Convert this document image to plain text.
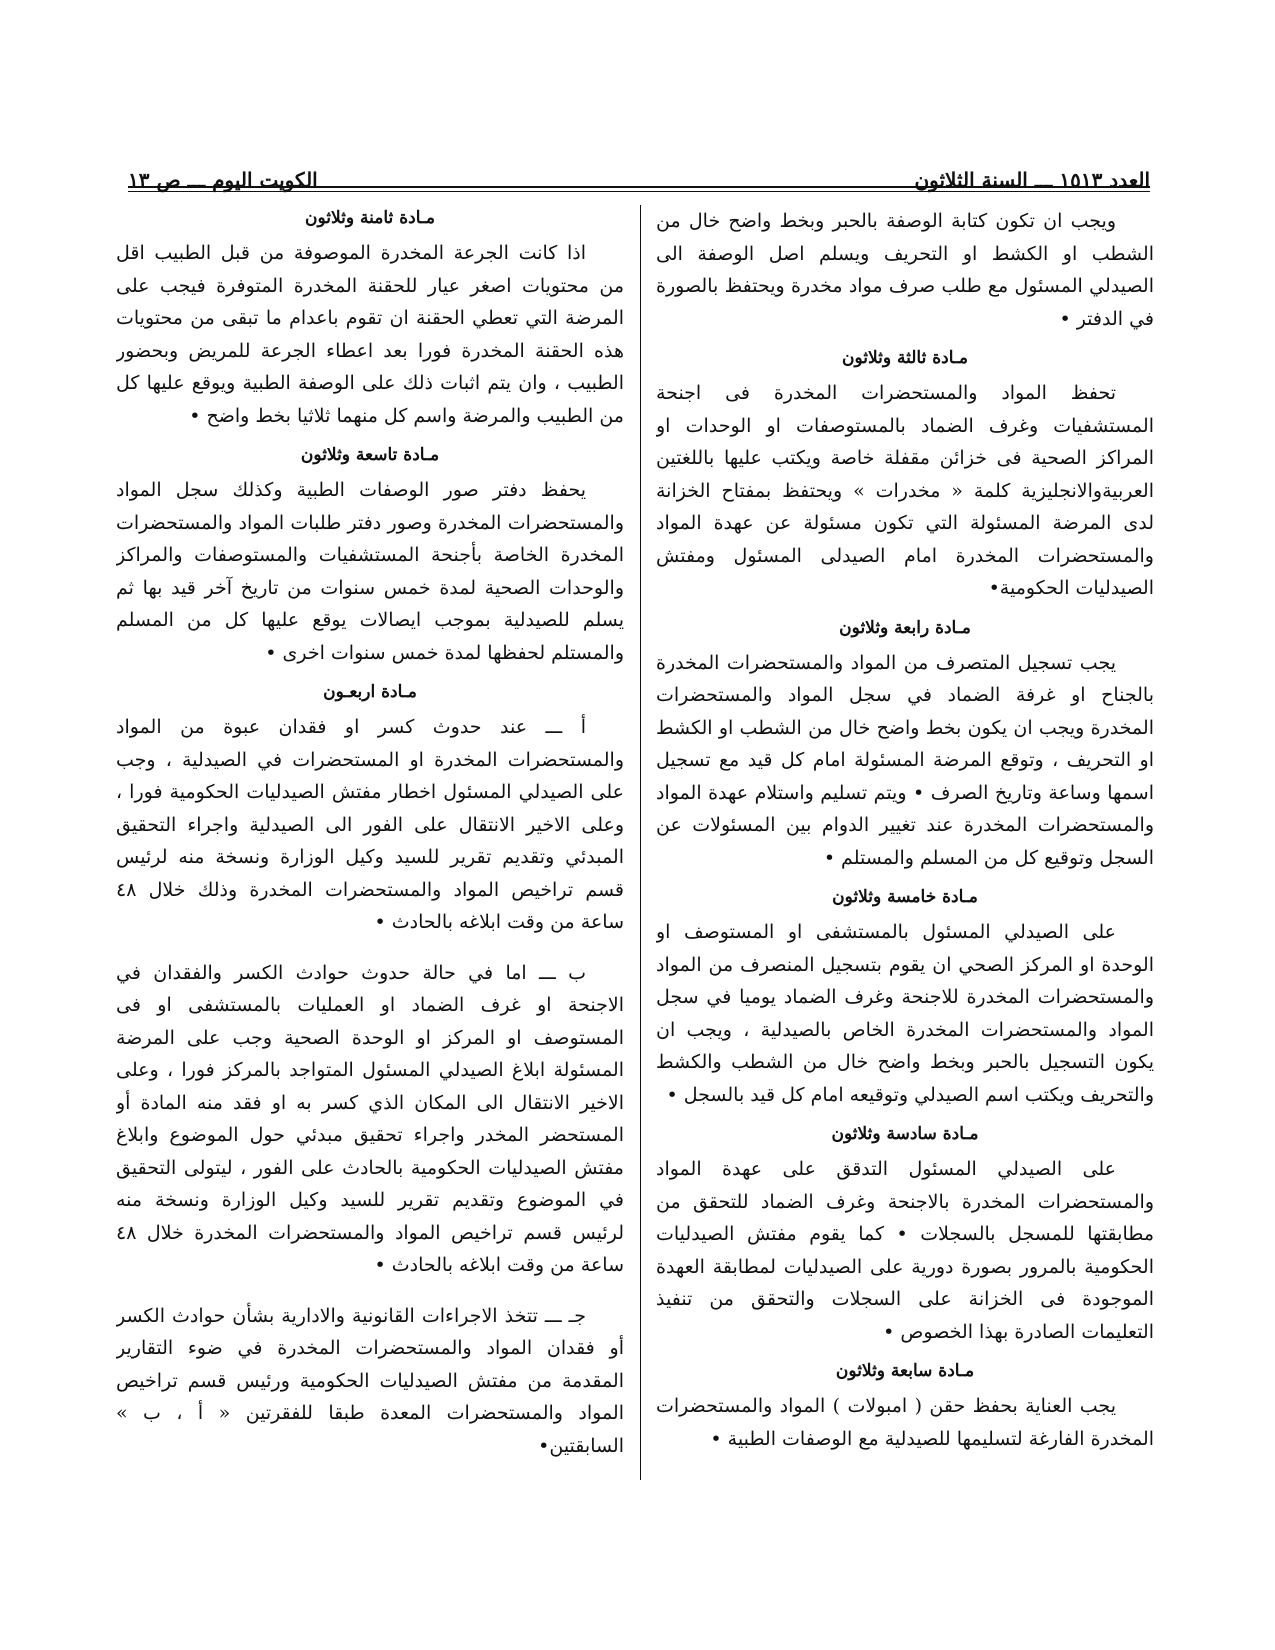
العدد ١٥١٣ ـــ السنة الثلاثون
الكويت اليوم ـــ ص ١٣

ويجب ان تكون كتابة الوصفة بالحبر وبخط واضح خال من الشطب او الكشط او التحريف ويسلم اصل الوصفة الى الصيدلي المسئول مع طلب صرف مواد مخدرة ويحتفظ بالصورة في الدفتر •

مـادة ثالثة وثلاثون

تحفظ المواد والمستحضرات المخدرة فى اجنحة المستشفيات وغرف الضماد بالمستوصفات او الوحدات او المراكز الصحية فى خزائن مقفلة خاصة ويكتب عليها باللغتين العربيةوالانجليزية كلمة « مخدرات » ويحتفظ بمفتاح الخزانة لدى المرضة المسئولة التي تكون مسئولة عن عهدة المواد والمستحضرات المخدرة امام الصيدلى المسئول ومفتش الصيدليات الحكومية•

مـادة رابعة وثلاثون

يجب تسجيل المتصرف من المواد والمستحضرات المخدرة بالجناح او غرفة الضماد في سجل المواد والمستحضرات المخدرة ويجب ان يكون بخط واضح خال من الشطب او الكشط او التحريف ، وتوقع المرضة المسئولة امام كل قيد مع تسجيل اسمها وساعة وتاريخ الصرف • ويتم تسليم واستلام عهدة المواد والمستحضرات المخدرة عند تغيير الدوام بين المسئولات عن السجل وتوقيع كل من المسلم والمستلم •

مـادة خامسة وثلاثون

على الصيدلي المسئول بالمستشفى او المستوصف او الوحدة او المركز الصحي ان يقوم بتسجيل المنصرف من المواد والمستحضرات المخدرة للاجنحة وغرف الضماد يوميا في سجل المواد والمستحضرات المخدرة الخاص بالصيدلية ، ويجب ان يكون التسجيل بالحبر وبخط واضح خال من الشطب والكشط والتحريف ويكتب اسم الصيدلي وتوقيعه امام كل قيد بالسجل •

مـادة سادسة وثلاثون

على الصيدلي المسئول التدقق على عهدة المواد والمستحضرات المخدرة بالاجنحة وغرف الضماد للتحقق من مطابقتها للمسجل بالسجلات • كما يقوم مفتش الصيدليات الحكومية بالمرور بصورة دورية على الصيدليات لمطابقة العهدة الموجودة فى الخزانة على السجلات والتحقق من تنفيذ التعليمات الصادرة بهذا الخصوص •

مـادة سابعة وثلاثون

يجب العناية بحفظ حقن ( امبولات ) المواد والمستحضرات المخدرة الفارغة لتسليمها للصيدلية مع الوصفات الطبية •

مـادة ثامنة وثلاثون

اذا كانت الجرعة المخدرة الموصوفة من قبل الطبيب اقل من محتويات اصغر عيار للحقنة المخدرة المتوفرة فيجب على المرضة التي تعطي الحقنة ان تقوم باعدام ما تبقى من محتويات هذه الحقنة المخدرة فورا بعد اعطاء الجرعة للمريض وبحضور الطبيب ، وان يتم اثبات ذلك على الوصفة الطبية ويوقع عليها كل من الطبيب والمرضة واسم كل منهما ثلاثيا بخط واضح •

مـادة تاسعة وثلاثون

يحفظ دفتر صور الوصفات الطبية وكذلك سجل المواد والمستحضرات المخدرة وصور دفتر طلبات المواد والمستحضرات المخدرة الخاصة بأجنحة المستشفيات والمستوصفات والمراكز والوحدات الصحية لمدة خمس سنوات من تاريخ آخر قيد بها ثم يسلم للصيدلية بموجب ايصالات يوقع عليها كل من المسلم والمستلم لحفظها لمدة خمس سنوات اخرى •

مـادة اربعـون

أ ـــ عند حدوث كسر او فقدان عبوة من المواد والمستحضرات المخدرة او المستحضرات في الصيدلية ، وجب على الصيدلي المسئول اخطار مفتش الصيدليات الحكومية فورا ، وعلى الاخير الانتقال على الفور الى الصيدلية واجراء التحقيق المبدئي وتقديم تقرير للسيد وكيل الوزارة ونسخة منه لرئيس قسم تراخيص المواد والمستحضرات المخدرة وذلك خلال ٤٨ ساعة من وقت ابلاغه بالحادث •

ب ـــ اما في حالة حدوث حوادث الكسر والفقدان في الاجنحة او غرف الضماد او العمليات بالمستشفى او فى المستوصف او المركز او الوحدة الصحية وجب على المرضة المسئولة ابلاغ الصيدلي المسئول المتواجد بالمركز فورا ، وعلى الاخير الانتقال الى المكان الذي كسر به او فقد منه المادة أو المستحضر المخدر واجراء تحقيق مبدئي حول الموضوع وابلاغ مفتش الصيدليات الحكومية بالحادث على الفور ، ليتولى التحقيق في الموضوع وتقديم تقرير للسيد وكيل الوزارة ونسخة منه لرئيس قسم تراخيص المواد والمستحضرات المخدرة خلال ٤٨ ساعة من وقت ابلاغه بالحادث •

جـ ـــ تتخذ الاجراءات القانونية والادارية بشأن حوادث الكسر أو فقدان المواد والمستحضرات المخدرة في ضوء التقارير المقدمة من مفتش الصيدليات الحكومية ورئيس قسم تراخيص المواد والمستحضرات المعدة طبقا للفقرتين « أ ، ب » السابقتين•
